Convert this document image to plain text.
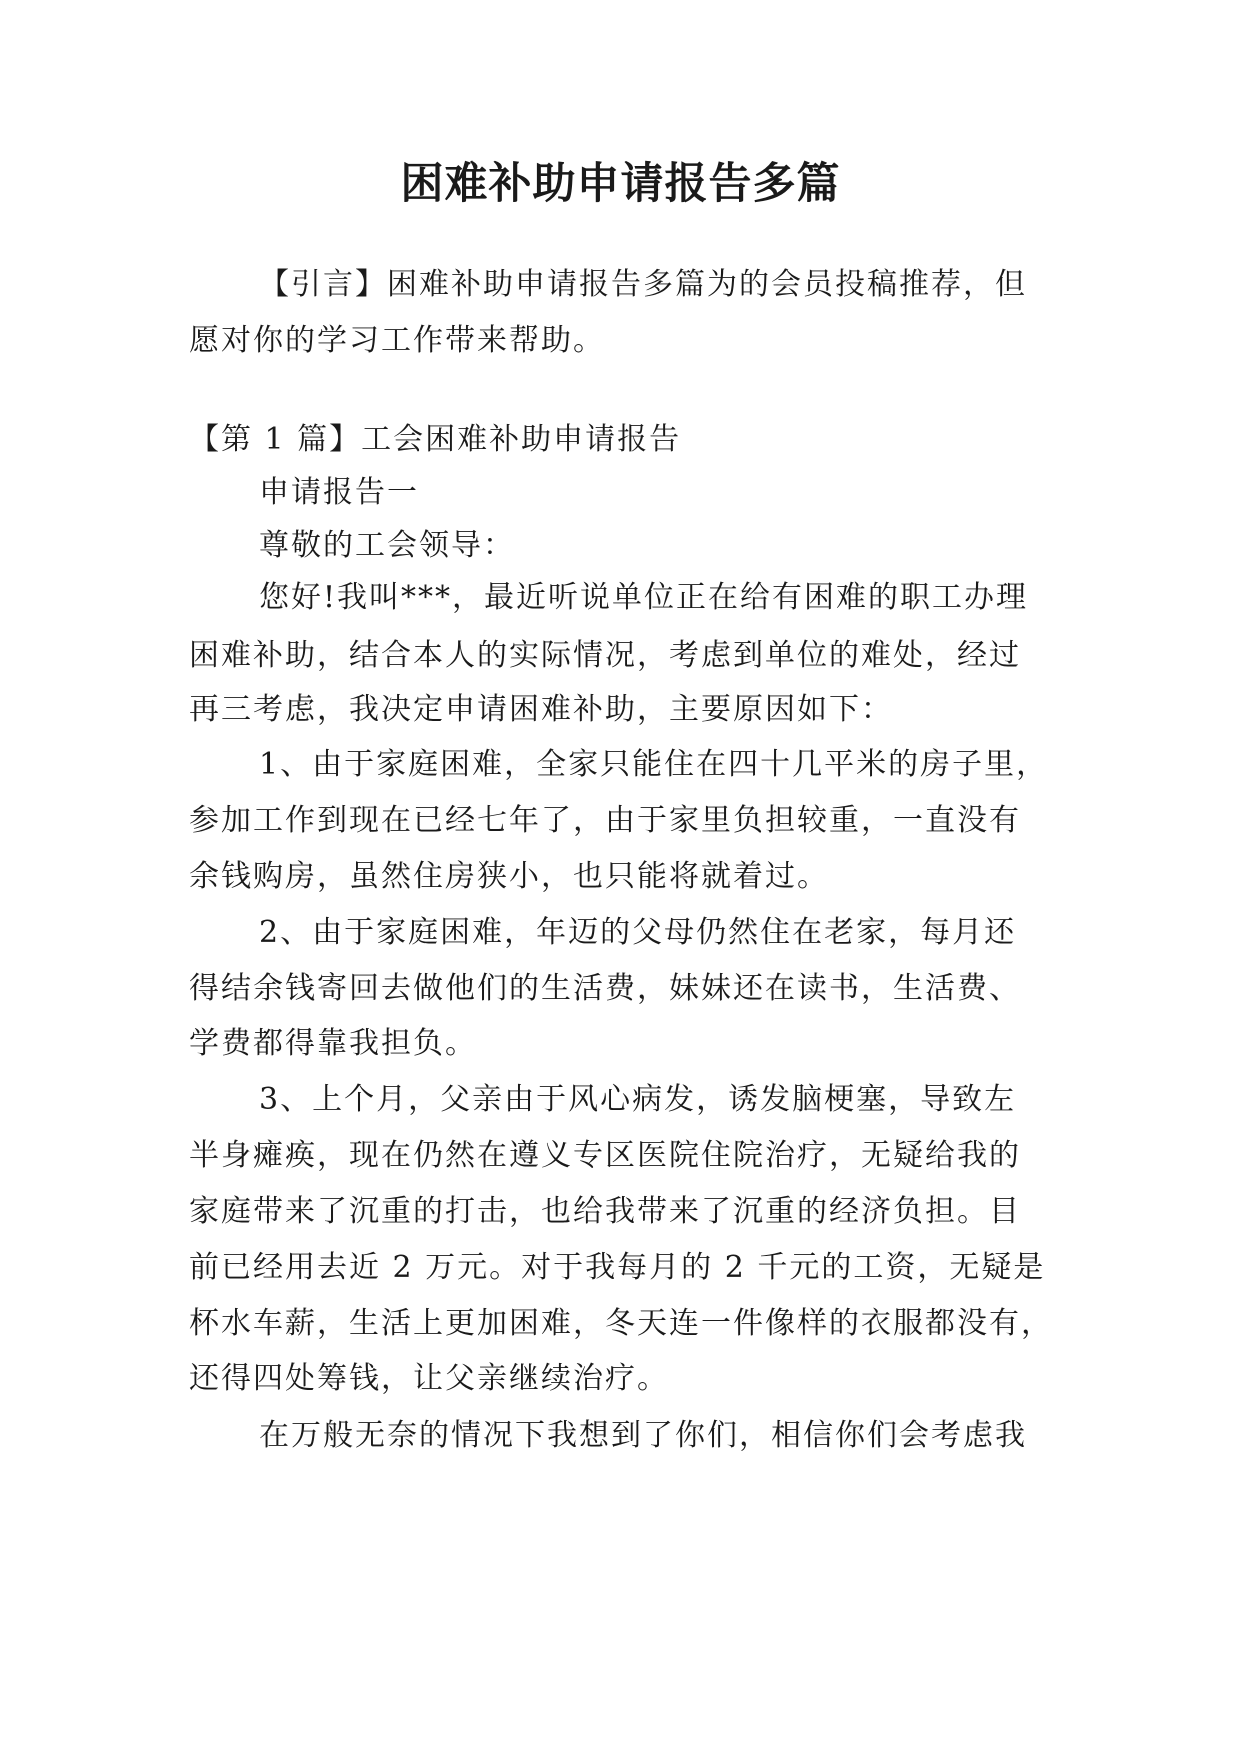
困难补助申请报告多篇
【引言】困难补助申请报告多篇为的会员投稿推荐，但
愿对你的学习工作带来帮助。
【第 1 篇】工会困难补助申请报告
申请报告一
尊敬的工会领导：
您好!我叫***，最近听说单位正在给有困难的职工办理
困难补助，结合本人的实际情况，考虑到单位的难处，经过
再三考虑，我决定申请困难补助，主要原因如下：
1、由于家庭困难，全家只能住在四十几平米的房子里，
参加工作到现在已经七年了，由于家里负担较重，一直没有
余钱购房，虽然住房狭小，也只能将就着过。
2、由于家庭困难，年迈的父母仍然住在老家，每月还
得结余钱寄回去做他们的生活费，妹妹还在读书，生活费、
学费都得靠我担负。
3、上个月，父亲由于风心病发，诱发脑梗塞，导致左
半身瘫痪，现在仍然在遵义专区医院住院治疗，无疑给我的
家庭带来了沉重的打击，也给我带来了沉重的经济负担。目
前已经用去近 2 万元。对于我每月的 2 千元的工资，无疑是
杯水车薪，生活上更加困难，冬天连一件像样的衣服都没有，
还得四处筹钱，让父亲继续治疗。
在万般无奈的情况下我想到了你们，相信你们会考虑我
